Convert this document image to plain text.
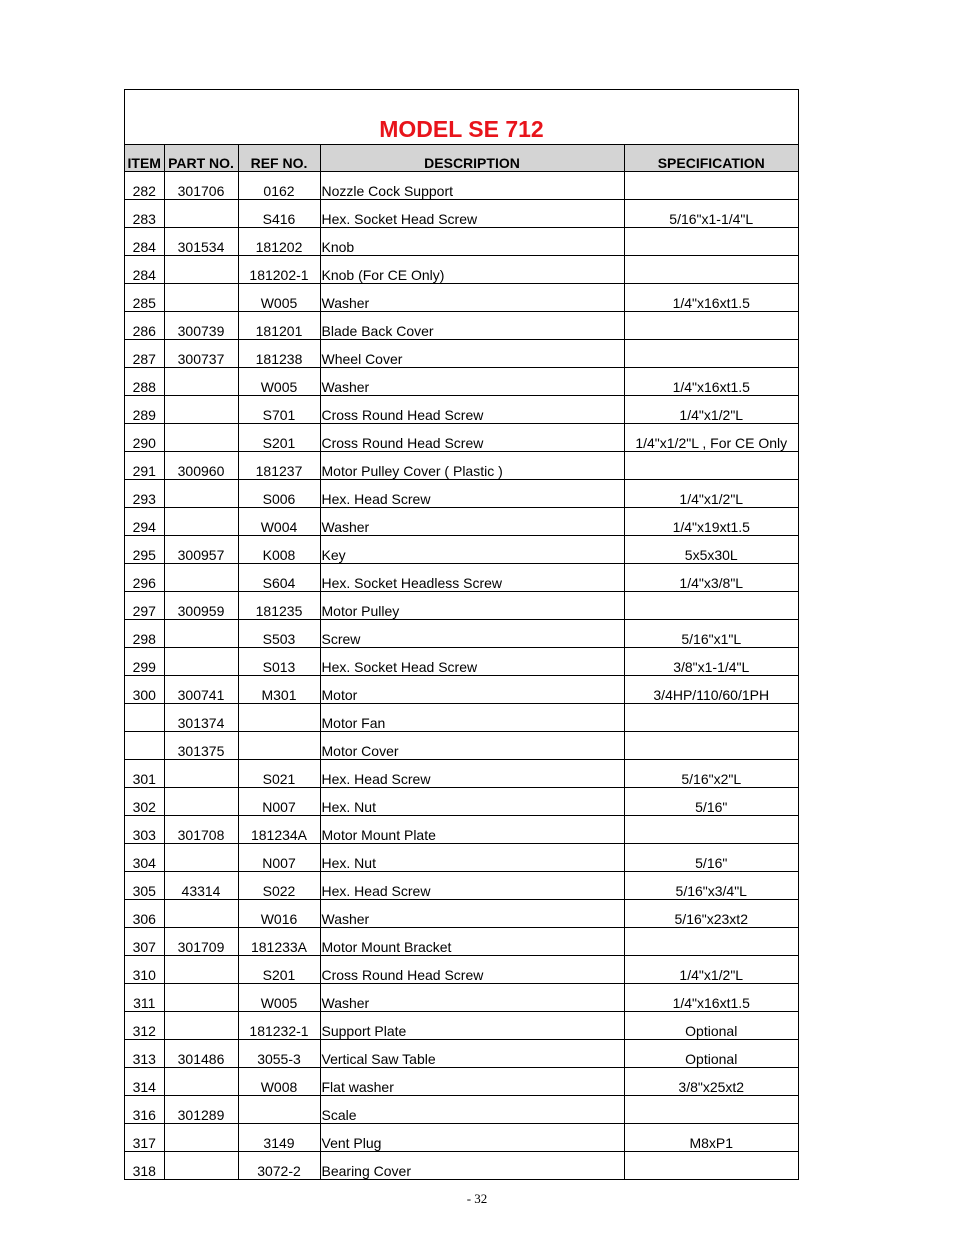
MODEL SE 712
ITEM	PART NO.	REF NO.	DESCRIPTION	SPECIFICATION
282	301706	0162	Nozzle Cock Support	
283		S416	Hex. Socket Head Screw	5/16"x1-1/4"L
284	301534	181202	Knob	
284		181202-1	Knob (For CE Only)	
285		W005	Washer	1/4"x16xt1.5
286	300739	181201	Blade Back Cover	
287	300737	181238	Wheel Cover	
288		W005	Washer	1/4"x16xt1.5
289		S701	Cross Round Head Screw	1/4"x1/2"L
290		S201	Cross Round Head Screw	1/4"x1/2"L , For CE Only
291	300960	181237	Motor Pulley Cover ( Plastic )	
293		S006	Hex. Head Screw	1/4"x1/2"L
294		W004	Washer	1/4"x19xt1.5
295	300957	K008	Key	5x5x30L
296		S604	Hex. Socket Headless Screw	1/4"x3/8"L
297	300959	181235	Motor Pulley	
298		S503	Screw	5/16"x1"L
299		S013	Hex. Socket Head Screw	3/8"x1-1/4"L
300	300741	M301	Motor	3/4HP/110/60/1PH
	301374		Motor Fan	
	301375		Motor Cover	
301		S021	Hex. Head Screw	5/16"x2"L
302		N007	Hex. Nut	5/16"
303	301708	181234A	Motor Mount Plate	
304		N007	Hex. Nut	5/16"
305	43314	S022	Hex. Head Screw	5/16"x3/4"L
306		W016	Washer	5/16"x23xt2
307	301709	181233A	Motor Mount Bracket	
310		S201	Cross Round Head Screw	1/4"x1/2"L
311		W005	Washer	1/4"x16xt1.5
312		181232-1	Support Plate	Optional
313	301486	3055-3	Vertical Saw Table	Optional
314		W008	Flat washer	3/8"x25xt2
316	301289		Scale	
317		3149	Vent Plug	M8xP1
318		3072-2	Bearing Cover	
- 32
